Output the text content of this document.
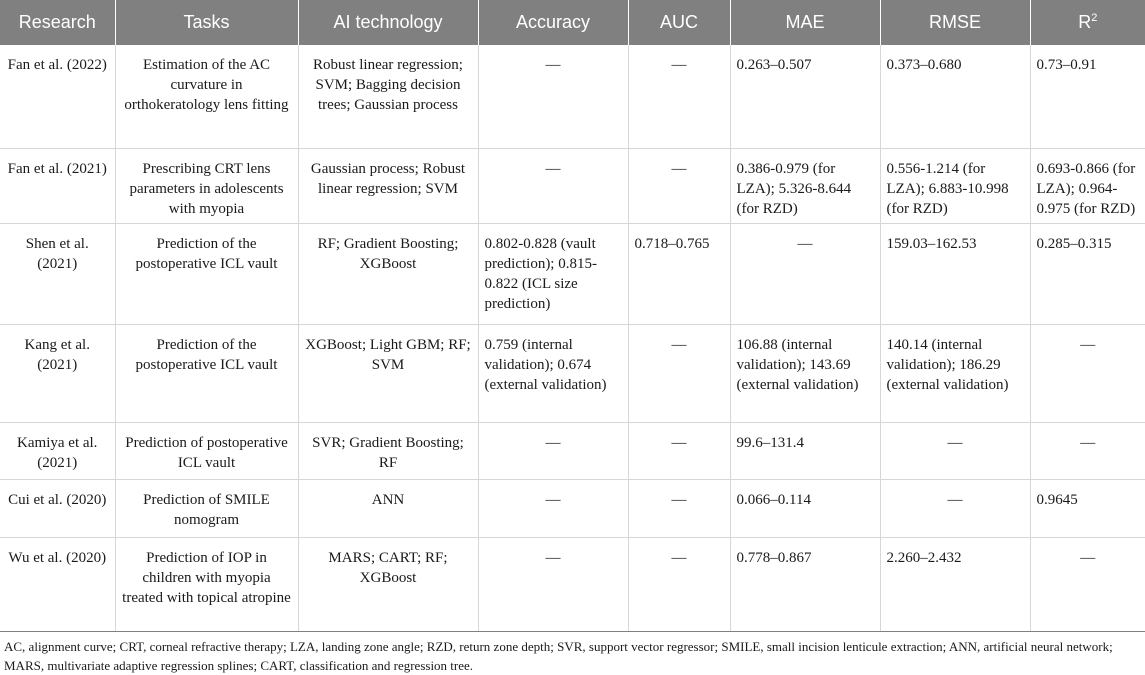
Research	Tasks	AI technology	Accuracy	AUC	MAE	RMSE	$R^2$
Fan et al. (2022)	Estimation of the AC curvature in orthokeratology lens fitting	Robust linear regression; SVM; Bagging decision trees; Gaussian process	—	—	0.263–0.507	0.373–0.680	0.73–0.91
Fan et al. (2021)	Prescribing CRT lens parameters in adolescents with myopia	Gaussian process; Robust linear regression; SVM	—	—	0.386-0.979 (for LZA); 5.326-8.644 (for RZD)	0.556-1.214 (for LZA); 6.883-10.998 (for RZD)	0.693-0.866 (for LZA); 0.964-0.975 (for RZD)
Shen et al. (2021)	Prediction of the postoperative ICL vault	RF; Gradient Boosting; XGBoost	0.802-0.828 (vault prediction); 0.815-0.822 (ICL size prediction)	0.718–0.765	—	159.03–162.53	0.285–0.315
Kang et al. (2021)	Prediction of the postoperative ICL vault	XGBoost; Light GBM; RF; SVM	0.759 (internal validation); 0.674 (external validation)	—	106.88 (internal validation); 143.69 (external validation)	140.14 (internal validation); 186.29 (external validation)	—
Kamiya et al. (2021)	Prediction of postoperative ICL vault	SVR; Gradient Boosting; RF	—	—	99.6–131.4	—	—
Cui et al. (2020)	Prediction of SMILE nomogram	ANN	—	—	0.066–0.114	—	0.9645
Wu et al. (2020)	Prediction of IOP in children with myopia treated with topical atropine	MARS; CART; RF; XGBoost	—	—	0.778–0.867	2.260–2.432	—
AC, alignment curve; CRT, corneal refractive therapy; LZA, landing zone angle; RZD, return zone depth; SVR, support vector regressor; SMILE, small incision lenticule extraction; ANN, artificial neural network; MARS, multivariate adaptive regression splines; CART, classification and regression tree.
